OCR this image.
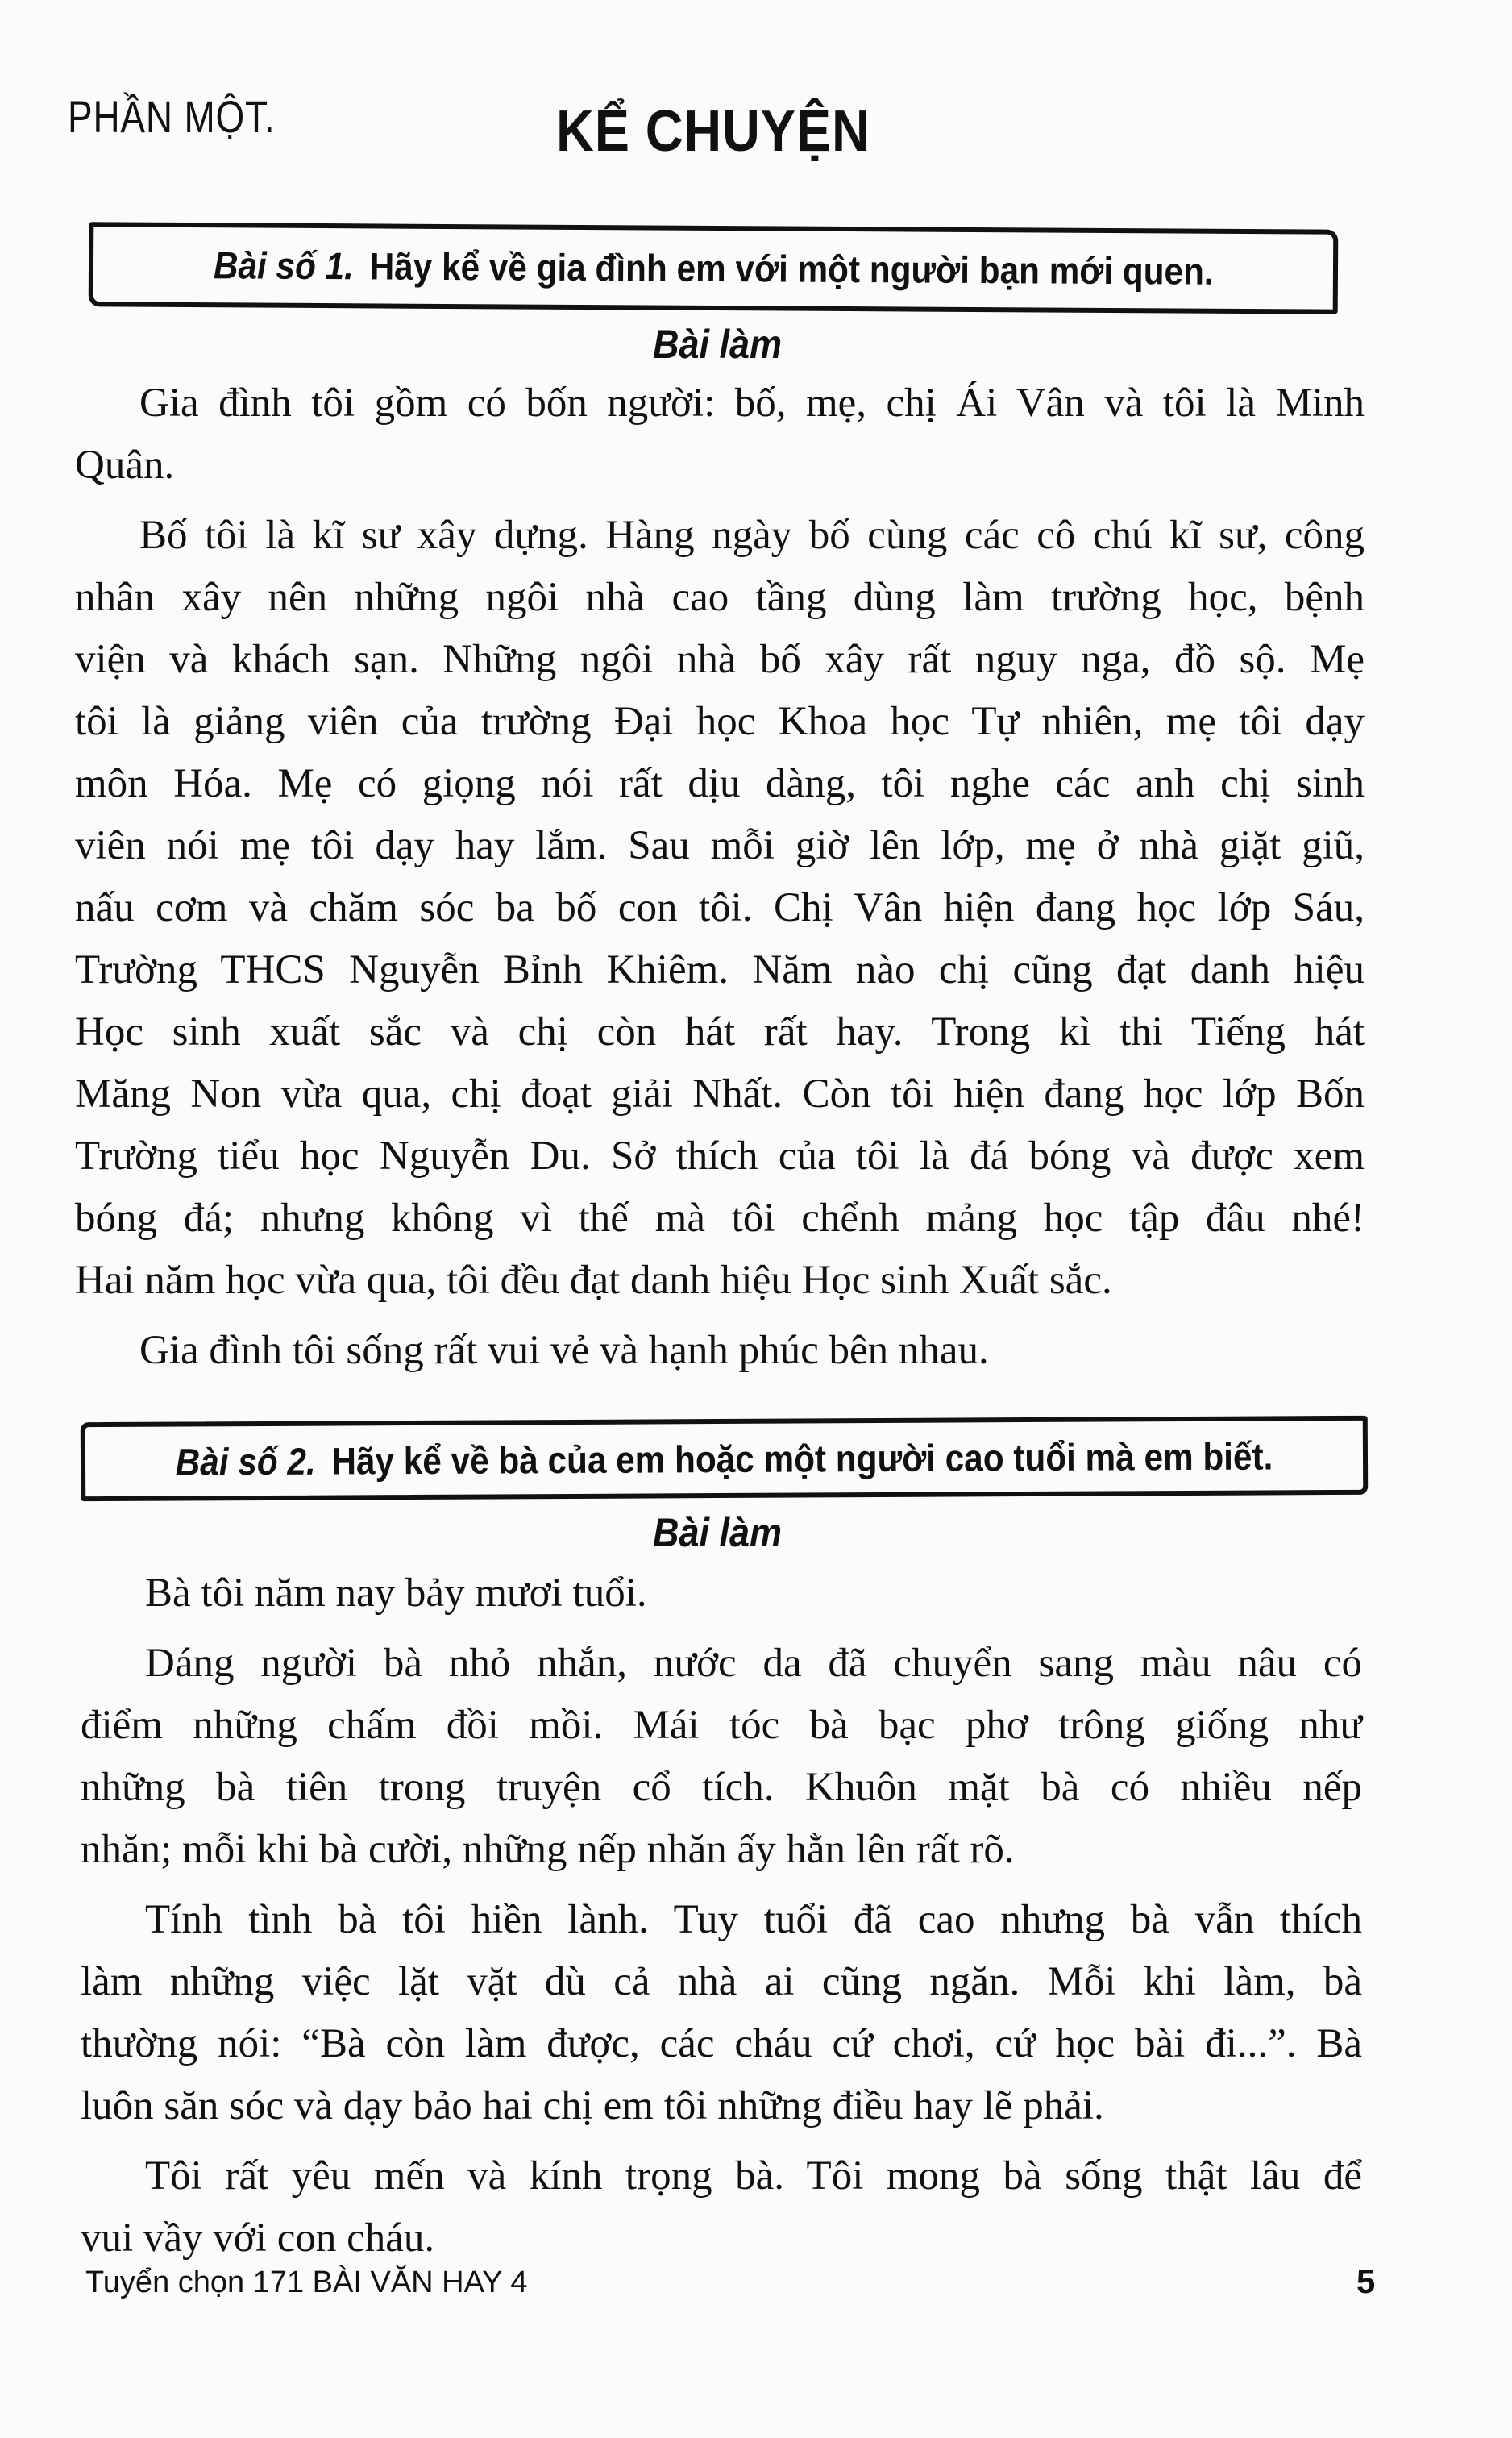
PHẦN MỘT.	KỂ CHUYỆN
Bài số 1. Hãy kể về gia đình em với một người bạn mới quen.
Bài làm
Gia đình tôi gồm có bốn người: bố, mẹ, chị Ái Vân và tôi là Minh
Quân.
Bố tôi là kĩ sư xây dựng. Hàng ngày bố cùng các cô chú kĩ sư, công
nhân xây nên những ngôi nhà cao tầng dùng làm trường học, bệnh
viện và khách sạn. Những ngôi nhà bố xây rất nguy nga, đồ sộ. Mẹ
tôi là giảng viên của trường Đại học Khoa học Tự nhiên, mẹ tôi dạy
môn Hóa. Mẹ có giọng nói rất dịu dàng, tôi nghe các anh chị sinh
viên nói mẹ tôi dạy hay lắm. Sau mỗi giờ lên lớp, mẹ ở nhà giặt giũ,
nấu cơm và chăm sóc ba bố con tôi. Chị Vân hiện đang học lớp Sáu,
Trường THCS Nguyễn Bỉnh Khiêm. Năm nào chị cũng đạt danh hiệu
Học sinh xuất sắc và chị còn hát rất hay. Trong kì thi Tiếng hát
Măng Non vừa qua, chị đoạt giải Nhất. Còn tôi hiện đang học lớp Bốn
Trường tiểu học Nguyễn Du. Sở thích của tôi là đá bóng và được xem
bóng đá; nhưng không vì thế mà tôi chểnh mảng học tập đâu nhé!
Hai năm học vừa qua, tôi đều đạt danh hiệu Học sinh Xuất sắc.
Gia đình tôi sống rất vui vẻ và hạnh phúc bên nhau.
Bài số 2. Hãy kể về bà của em hoặc một người cao tuổi mà em biết.
Bài làm
Bà tôi năm nay bảy mươi tuổi.
Dáng người bà nhỏ nhắn, nước da đã chuyển sang màu nâu có
điểm những chấm đồi mồi. Mái tóc bà bạc phơ trông giống như
những bà tiên trong truyện cổ tích. Khuôn mặt bà có nhiều nếp
nhăn; mỗi khi bà cười, những nếp nhăn ấy hằn lên rất rõ.
Tính tình bà tôi hiền lành. Tuy tuổi đã cao nhưng bà vẫn thích
làm những việc lặt vặt dù cả nhà ai cũng ngăn. Mỗi khi làm, bà
thường nói: “Bà còn làm được, các cháu cứ chơi, cứ học bài đi...”. Bà
luôn săn sóc và dạy bảo hai chị em tôi những điều hay lẽ phải.
Tôi rất yêu mến và kính trọng bà. Tôi mong bà sống thật lâu để
vui vầy với con cháu.
Tuyển chọn 171 BÀI VĂN HAY 4	5
